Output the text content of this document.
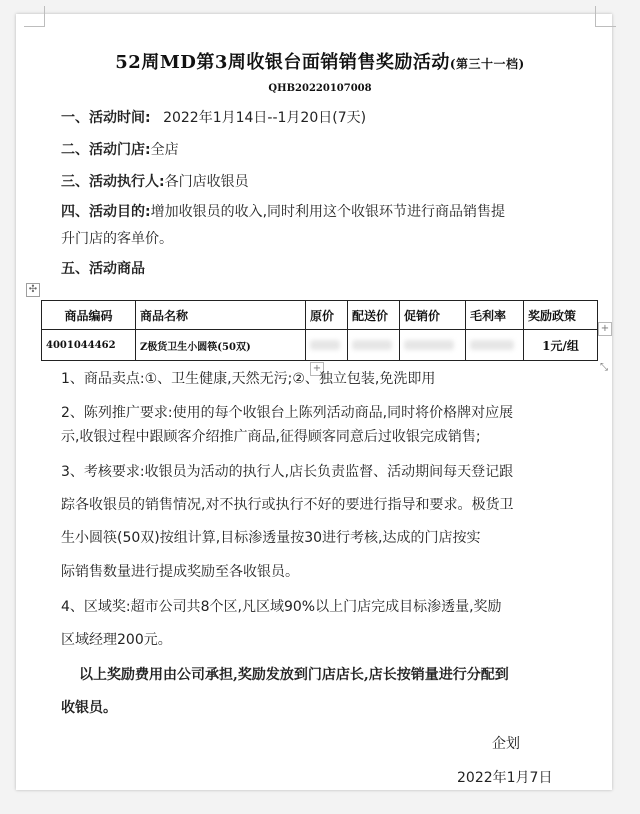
52周MD第3周收银台面销销售奖励活动(第三十一档)
QHB20220107008
一、活动时间: 2022年1月14日--1月20日(7天)
二、活动门店:全店
三、活动执行人:各门店收银员
四、活动目的:增加收银员的收入,同时利用这个收银环节进行商品销售提
升门店的客单价。
五、活动商品
✣
商品编码	商品名称	原价	配送价	促销价	毛利率	奖励政策
4001044462	Z极货卫生小圆筷(50双)					1元/组
+
+
⤡
1、商品卖点:①、卫生健康,天然无污;②、独立包装,免洗即用
2、陈列推广要求:使用的每个收银台上陈列活动商品,同时将价格牌对应展
示,收银过程中跟顾客介绍推广商品,征得顾客同意后过收银完成销售;
3、考核要求:收银员为活动的执行人,店长负责监督、活动期间每天登记跟
踪各收银员的销售情况,对不执行或执行不好的要进行指导和要求。极货卫
生小圆筷(50双)按组计算,目标渗透量按30进行考核,达成的门店按实
际销售数量进行提成奖励至各收银员。
4、区域奖:超市公司共8个区,凡区域90%以上门店完成目标渗透量,奖励
区域经理200元。
以上奖励费用由公司承担,奖励发放到门店店长,店长按销量进行分配到
收银员。
企划
2022年1月7日
